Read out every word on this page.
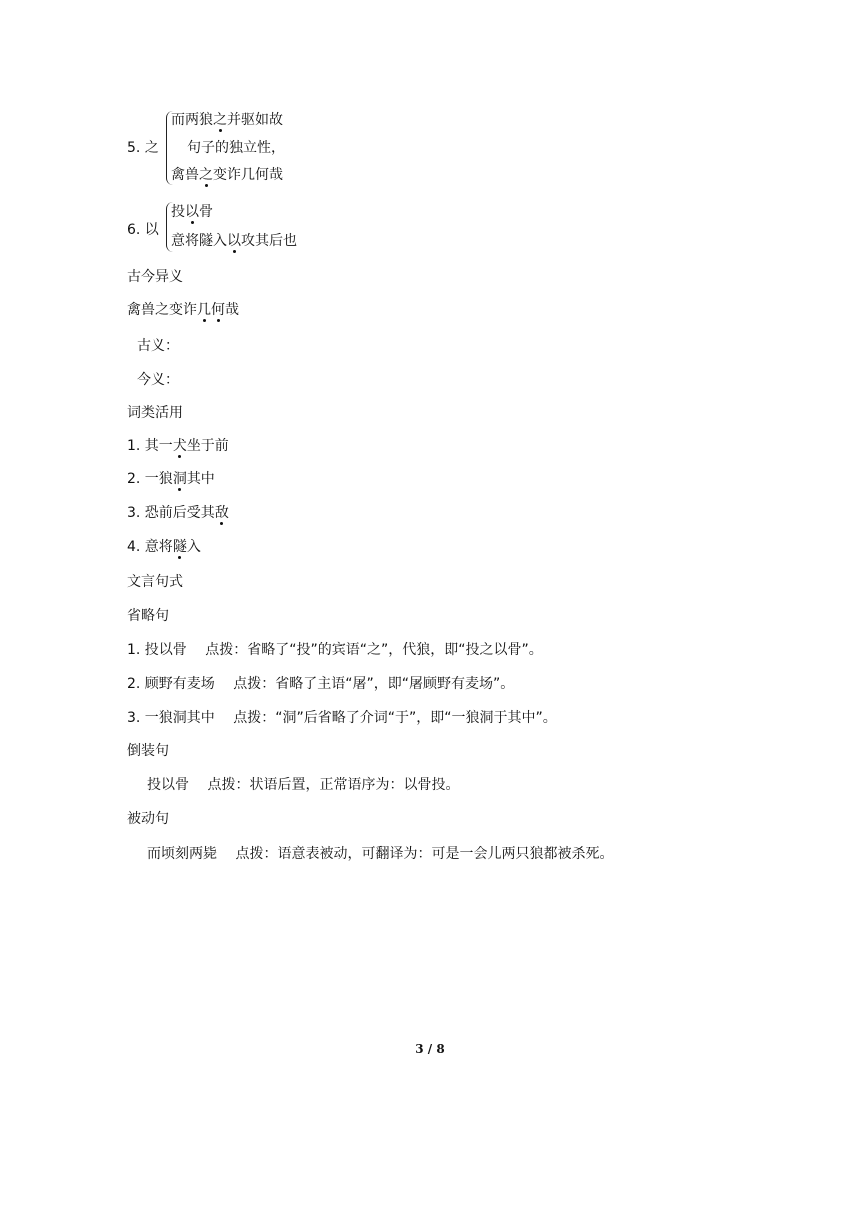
5. 之
而两狼之并驱如故
句子的独立性，
禽兽之变诈几何哉
6. 以
投以骨
意将隧入以攻其后也
古今异义
禽兽之变诈几何哉
古义：
今义：
词类活用
1. 其一犬坐于前
2. 一狼洞其中
3. 恐前后受其敌
4. 意将隧入
文言句式
省略句
1. 投以骨　 点拨：省略了“投”的宾语“之”，代狼，即“投之以骨”。
2. 顾野有麦场　 点拨：省略了主语“屠”，即“屠顾野有麦场”。
3. 一狼洞其中　 点拨：“洞”后省略了介词“于”，即“一狼洞于其中”。
倒装句
投以骨　 点拨：状语后置，正常语序为：以骨投。
被动句
而顷刻两毙　 点拨：语意表被动，可翻译为：可是一会儿两只狼都被杀死。
3 / 8
